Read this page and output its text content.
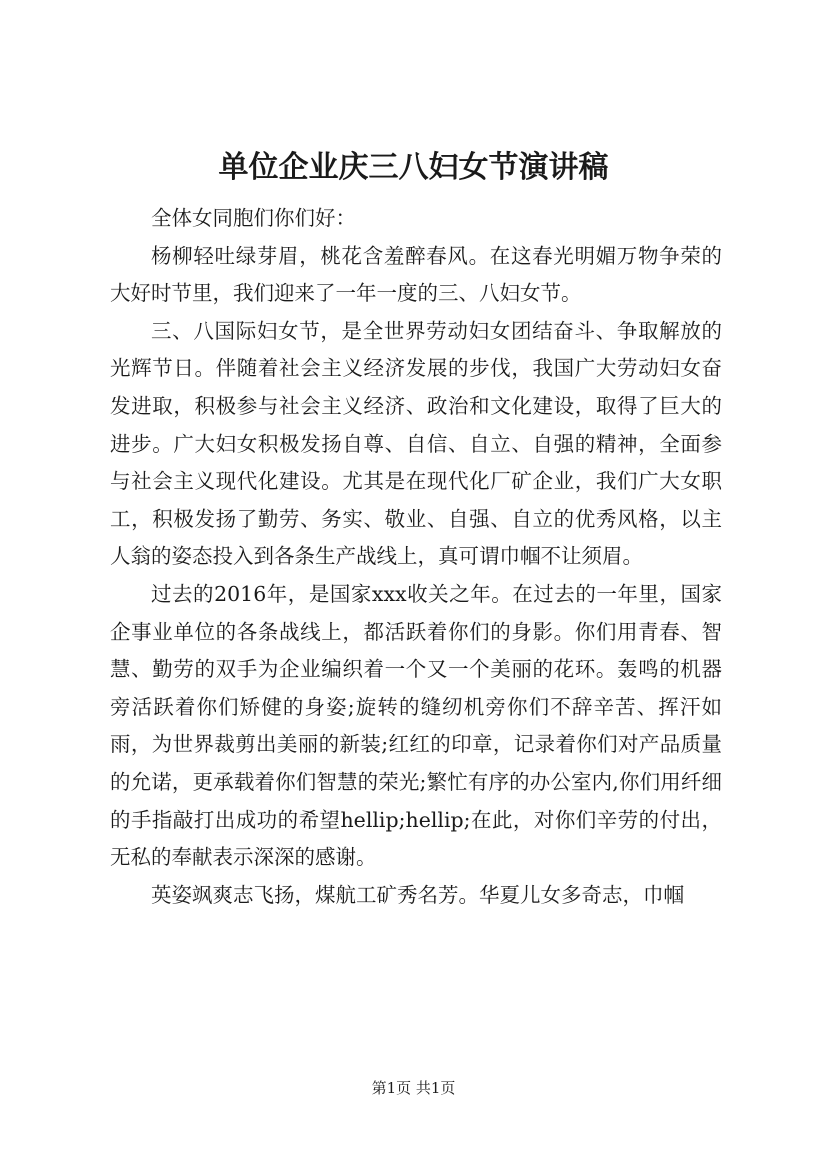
单位企业庆三八妇女节演讲稿

全体女同胞们你们好：

杨柳轻吐绿芽眉，桃花含羞醉春风。在这春光明媚万物争荣的大好时节里，我们迎来了一年一度的三、八妇女节。

三、八国际妇女节，是全世界劳动妇女团结奋斗、争取解放的光辉节日。伴随着社会主义经济发展的步伐，我国广大劳动妇女奋发进取，积极参与社会主义经济、政治和文化建设，取得了巨大的进步。广大妇女积极发扬自尊、自信、自立、自强的精神，全面参与社会主义现代化建设。尤其是在现代化厂矿企业，我们广大女职工，积极发扬了勤劳、务实、敬业、自强、自立的优秀风格，以主人翁的姿态投入到各条生产战线上，真可谓巾帼不让须眉。

过去的2016年，是国家xxx收关之年。在过去的一年里，国家企事业单位的各条战线上，都活跃着你们的身影。你们用青春、智慧、勤劳的双手为企业编织着一个又一个美丽的花环。轰鸣的机器旁活跃着你们矫健的身姿;旋转的缝纫机旁你们不辞辛苦、挥汗如雨，为世界裁剪出美丽的新装;红红的印章，记录着你们对产品质量的允诺，更承载着你们智慧的荣光;繁忙有序的办公室内,你们用纤细的手指敲打出成功的希望hellip;hellip;在此，对你们辛劳的付出，无私的奉献表示深深的感谢。

英姿飒爽志飞扬，煤航工矿秀名芳。华夏儿女多奇志，巾帼

第1页 共1页
